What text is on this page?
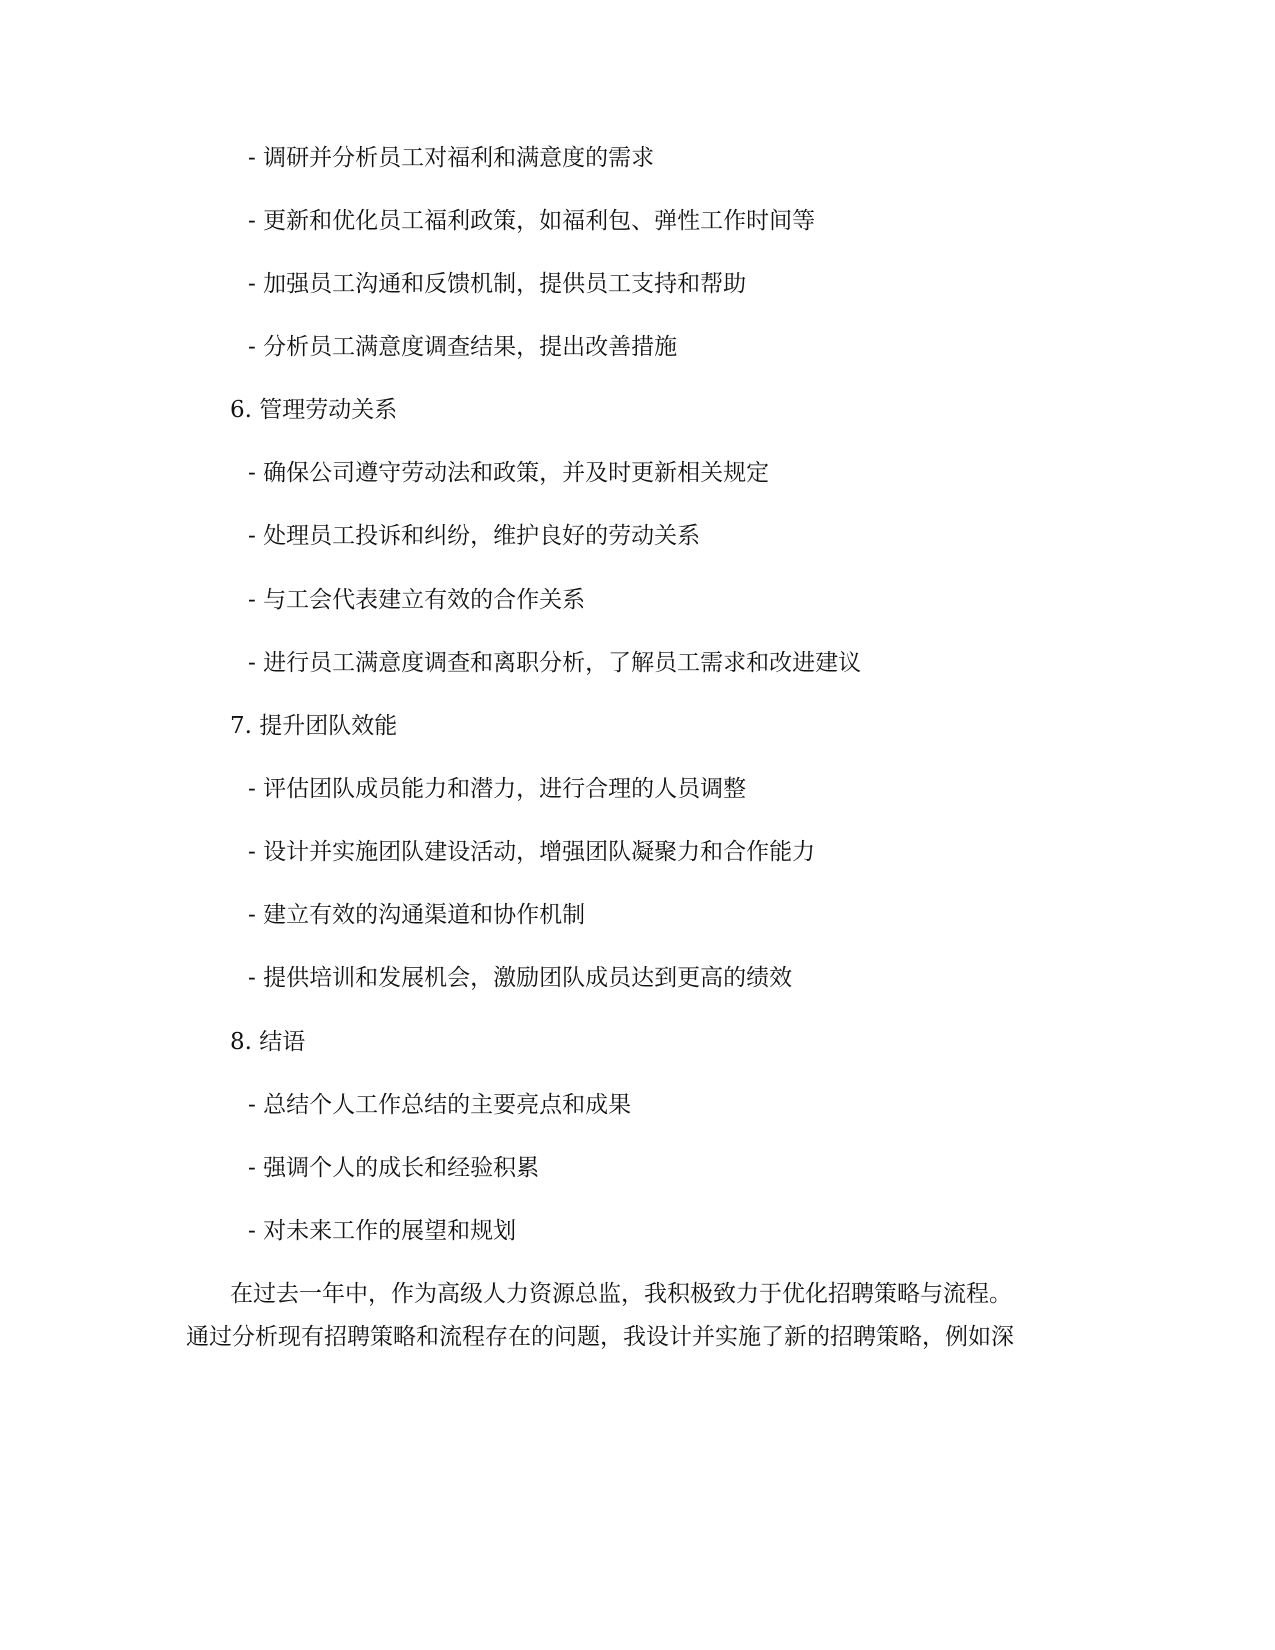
- 调研并分析员工对福利和满意度的需求
- 更新和优化员工福利政策，如福利包、弹性工作时间等
- 加强员工沟通和反馈机制，提供员工支持和帮助
- 分析员工满意度调查结果，提出改善措施
6. 管理劳动关系
- 确保公司遵守劳动法和政策，并及时更新相关规定
- 处理员工投诉和纠纷，维护良好的劳动关系
- 与工会代表建立有效的合作关系
- 进行员工满意度调查和离职分析，了解员工需求和改进建议
7. 提升团队效能
- 评估团队成员能力和潜力，进行合理的人员调整
- 设计并实施团队建设活动，增强团队凝聚力和合作能力
- 建立有效的沟通渠道和协作机制
- 提供培训和发展机会，激励团队成员达到更高的绩效
8. 结语
- 总结个人工作总结的主要亮点和成果
- 强调个人的成长和经验积累
- 对未来工作的展望和规划
在过去一年中，作为高级人力资源总监，我积极致力于优化招聘策略与流程。
通过分析现有招聘策略和流程存在的问题，我设计并实施了新的招聘策略，例如深
